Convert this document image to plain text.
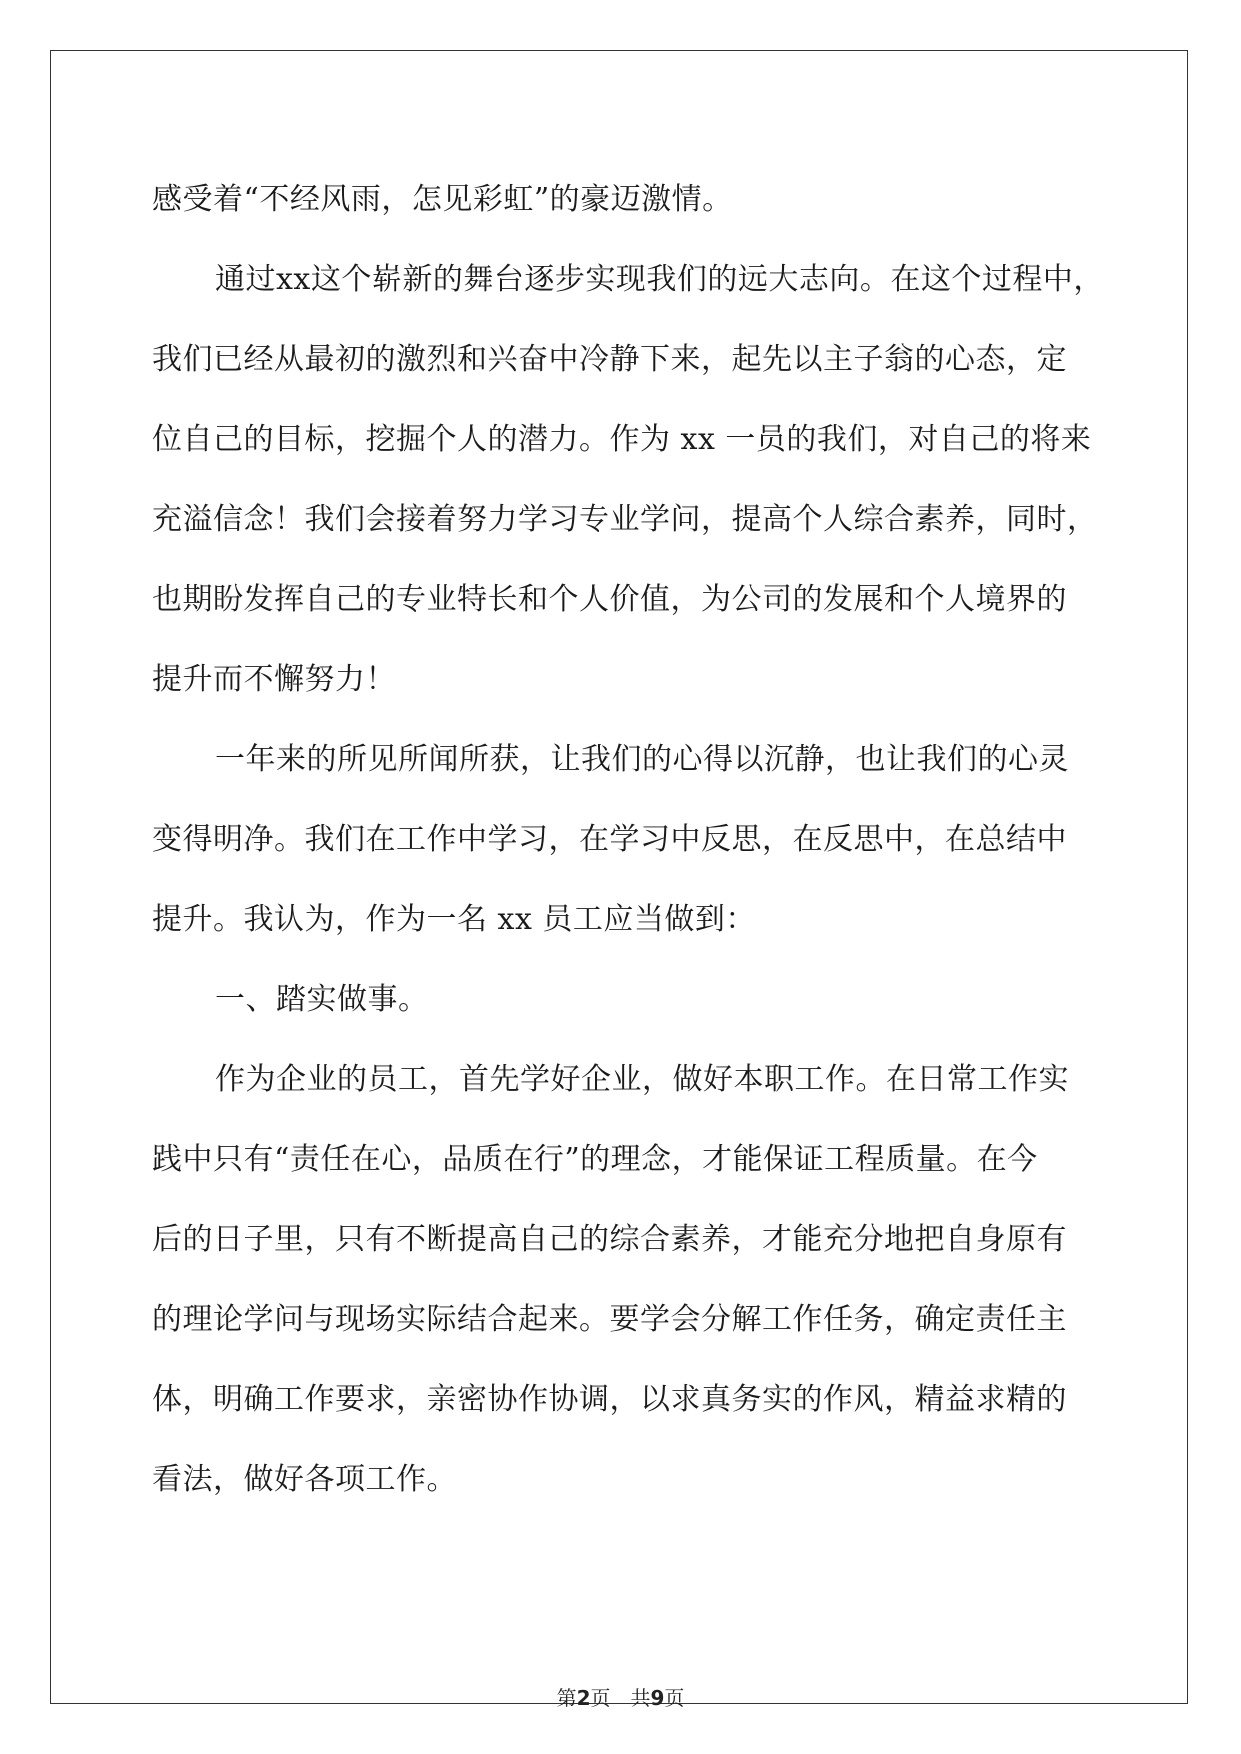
感受着“不经风雨，怎见彩虹”的豪迈激情。
通过xx这个崭新的舞台逐步实现我们的远大志向。在这个过程中，
我们已经从最初的激烈和兴奋中冷静下来，起先以主子翁的心态，定
位自己的目标，挖掘个人的潜力。作为 xx 一员的我们，对自己的将来
充溢信念！我们会接着努力学习专业学问，提高个人综合素养，同时，
也期盼发挥自己的专业特长和个人价值，为公司的发展和个人境界的
提升而不懈努力！
一年来的所见所闻所获，让我们的心得以沉静，也让我们的心灵
变得明净。我们在工作中学习，在学习中反思，在反思中，在总结中
提升。我认为，作为一名 xx 员工应当做到：
一、踏实做事。
作为企业的员工，首先学好企业，做好本职工作。在日常工作实
践中只有“责任在心，品质在行”的理念，才能保证工程质量。在今
后的日子里，只有不断提高自己的综合素养，才能充分地把自身原有
的理论学问与现场实际结合起来。要学会分解工作任务，确定责任主
体，明确工作要求，亲密协作协调，以求真务实的作风，精益求精的
看法，做好各项工作。
第2页　共9页
